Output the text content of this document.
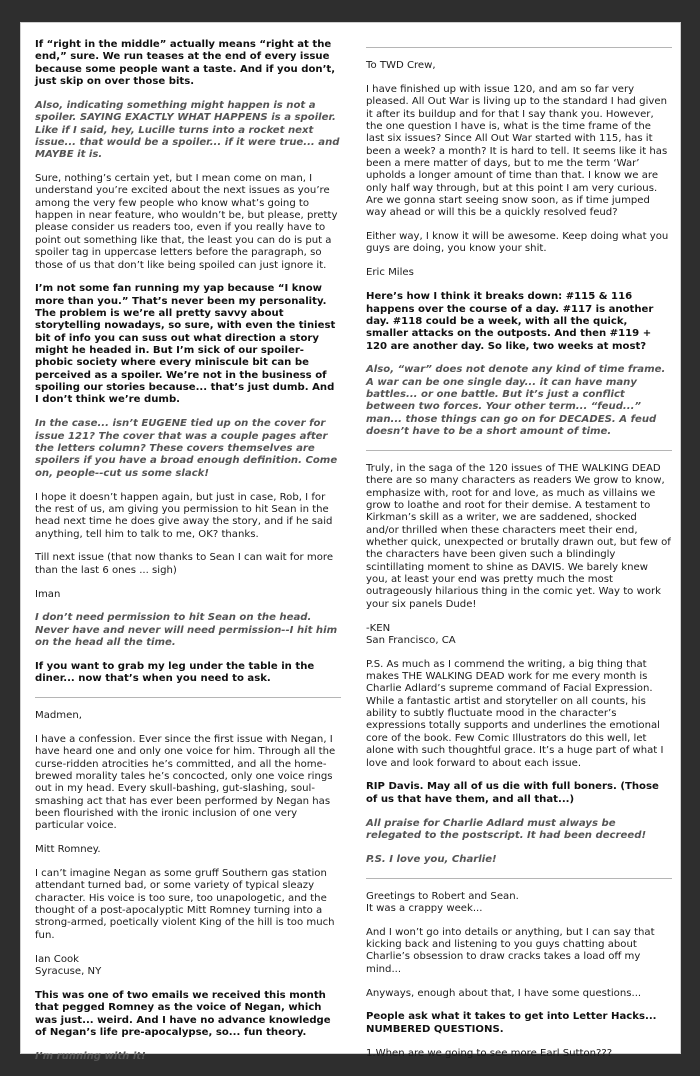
If “right in the middle” actually means “right at the end,” sure. We run teases at the end of every issue because some people want a taste. And if you don’t, just skip on over those bits.

Also, indicating something might happen is not a spoiler. SAYING EXACTLY WHAT HAPPENS is a spoiler. Like if I said, hey, Lucille turns into a rocket next issue... that would be a spoiler... if it were true... and MAYBE it is.

Sure, nothing’s certain yet, but I mean come on man, I understand you’re excited about the next issues as you’re among the very few people who know what’s going to happen in near feature, who wouldn’t be, but please, pretty please consider us readers too, even if you really have to point out something like that, the least you can do is put a spoiler tag in uppercase letters before the paragraph, so those of us that don’t like being spoiled can just ignore it.

I’m not some fan running my yap because “I know more than you.” That’s never been my personality. The problem is we’re all pretty savvy about storytelling nowadays, so sure, with even the tiniest bit of info you can suss out what direction a story might he headed in. But I’m sick of our spoiler-phobic society where every miniscule bit can be perceived as a spoiler. We’re not in the business of spoiling our stories because... that’s just dumb. And I don’t think we’re dumb.

In the case... isn’t EUGENE tied up on the cover for issue 121? The cover that was a couple pages after the letters column? These covers themselves are spoilers if you have a broad enough definition. Come on, people--cut us some slack!

I hope it doesn’t happen again, but just in case, Rob, I for the rest of us, am giving you permission to hit Sean in the head next time he does give away the story, and if he said anything, tell him to talk to me, OK? thanks.

Till next issue (that now thanks to Sean I can wait for more than the last 6 ones ... sigh)

Iman

I don’t need permission to hit Sean on the head. Never have and never will need permission--I hit him on the head all the time.

If you want to grab my leg under the table in the diner... now that’s when you need to ask.

Madmen,

I have a confession. Ever since the first issue with Negan, I have heard one and only one voice for him. Through all the curse-ridden atrocities he’s committed, and all the home-brewed morality tales he’s concocted, only one voice rings out in my head. Every skull-bashing, gut-slashing, soul-smashing act that has ever been performed by Negan has been flourished with the ironic inclusion of one very particular voice.

Mitt Romney.

I can’t imagine Negan as some gruff Southern gas station attendant turned bad, or some variety of typical sleazy character. His voice is too sure, too unapologetic, and the thought of a post-apocalyptic Mitt Romney turning into a strong-armed, poetically violent King of the hill is too much fun.

Ian Cook
Syracuse, NY

This was one of two emails we received this month that pegged Romney as the voice of Negan, which was just... weird. And I have no advance knowledge of Negan’s life pre-apocalypse, so... fun theory.

I’m running with it!

To TWD Crew,

I have finished up with issue 120, and am so far very pleased. All Out War is living up to the standard I had given it after its buildup and for that I say thank you. However, the one question I have is, what is the time frame of the last six issues? Since All Out War started with 115, has it been a week? a month? It is hard to tell. It seems like it has been a mere matter of days, but to me the term ‘War’ upholds a longer amount of time than that. I know we are only half way through, but at this point I am very curious. Are we gonna start seeing snow soon, as if time jumped way ahead or will this be a quickly resolved feud?

Either way, I know it will be awesome. Keep doing what you guys are doing, you know your shit.

Eric Miles

Here’s how I think it breaks down: #115 & 116 happens over the course of a day. #117 is another day. #118 could be a week, with all the quick, smaller attacks on the outposts. And then #119 + 120 are another day. So like, two weeks at most?

Also, “war” does not denote any kind of time frame. A war can be one single day... it can have many battles... or one battle. But it’s just a conflict between two forces. Your other term... “feud...” man... those things can go on for DECADES. A feud doesn’t have to be a short amount of time.

Truly, in the saga of the 120 issues of THE WALKING DEAD there are so many characters as readers We grow to know, emphasize with, root for and love, as much as villains we grow to loathe and root for their demise. A testament to Kirkman’s skill as a writer, we are saddened, shocked and/or thrilled when these characters meet their end, whether quick, unexpected or brutally drawn out, but few of the characters have been given such a blindingly scintillating moment to shine as DAVIS. We barely knew you, at least your end was pretty much the most outrageously hilarious thing in the comic yet. Way to work your six panels Dude!

-KEN
San Francisco, CA

P.S. As much as I commend the writing, a big thing that makes THE WALKING DEAD work for me every month is Charlie Adlard’s supreme command of Facial Expression. While a fantastic artist and storyteller on all counts, his ability to subtly fluctuate mood in the character’s expressions totally supports and underlines the emotional core of the book. Few Comic Illustrators do this well, let alone with such thoughtful grace. It’s a huge part of what I love and look forward to about each issue.

RIP Davis. May all of us die with full boners. (Those of us that have them, and all that...)

All praise for Charlie Adlard must always be relegated to the postscript. It had been decreed!

P.S. I love you, Charlie!

Greetings to Robert and Sean.
It was a crappy week...

And I won’t go into details or anything, but I can say that kicking back and listening to you guys chatting about Charlie’s obsession to draw cracks takes a load off my mind...

Anyways, enough about that, I have some questions...

People ask what it takes to get into Letter Hacks... NUMBERED QUESTIONS.

1.When are we going to see more Earl Sutton???
